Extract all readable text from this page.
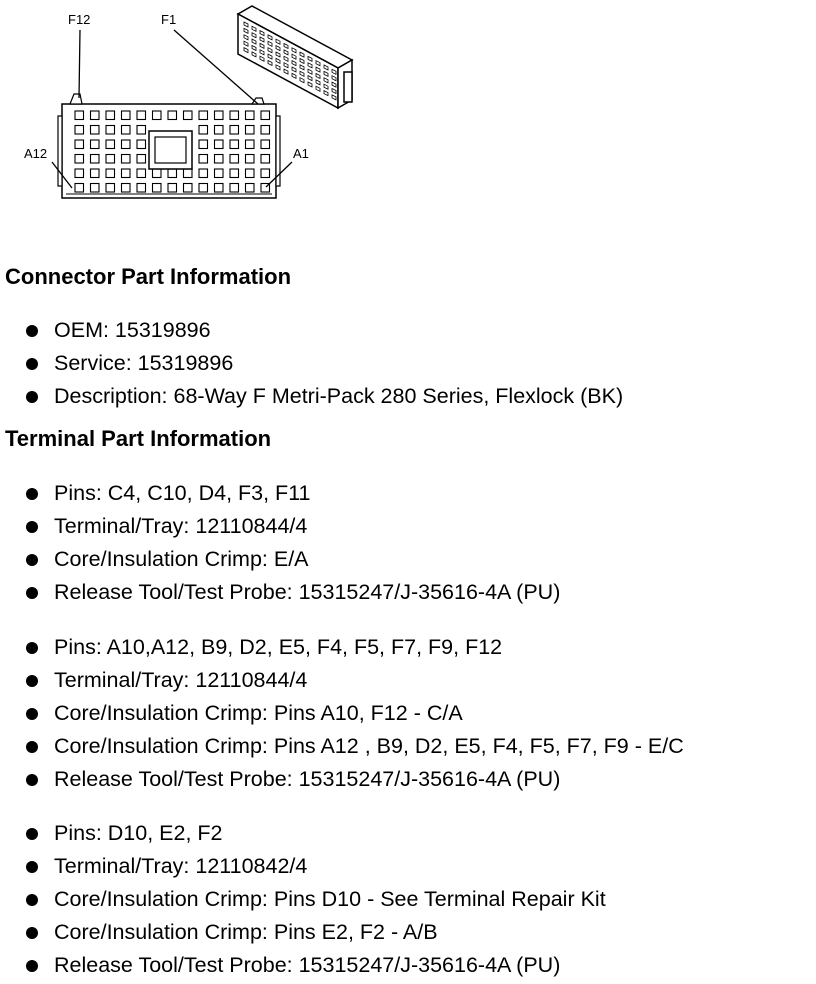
F12	F1
A12	A1
Connector Part Information
OEM: 15319896
Service: 15319896
Description: 68-Way F Metri-Pack 280 Series, Flexlock (BK)
Terminal Part Information
Pins: C4, C10, D4, F3, F11
Terminal/Tray: 12110844/4
Core/Insulation Crimp: E/A
Release Tool/Test Probe: 15315247/J-35616-4A (PU)
Pins: A10,A12, B9, D2, E5, F4, F5, F7, F9, F12
Terminal/Tray: 12110844/4
Core/Insulation Crimp: Pins A10, F12 - C/A
Core/Insulation Crimp: Pins A12 , B9, D2, E5, F4, F5, F7, F9 - E/C
Release Tool/Test Probe: 15315247/J-35616-4A (PU)
Pins: D10, E2, F2
Terminal/Tray: 12110842/4
Core/Insulation Crimp: Pins D10 - See Terminal Repair Kit
Core/Insulation Crimp: Pins E2, F2 - A/B
Release Tool/Test Probe: 15315247/J-35616-4A (PU)
